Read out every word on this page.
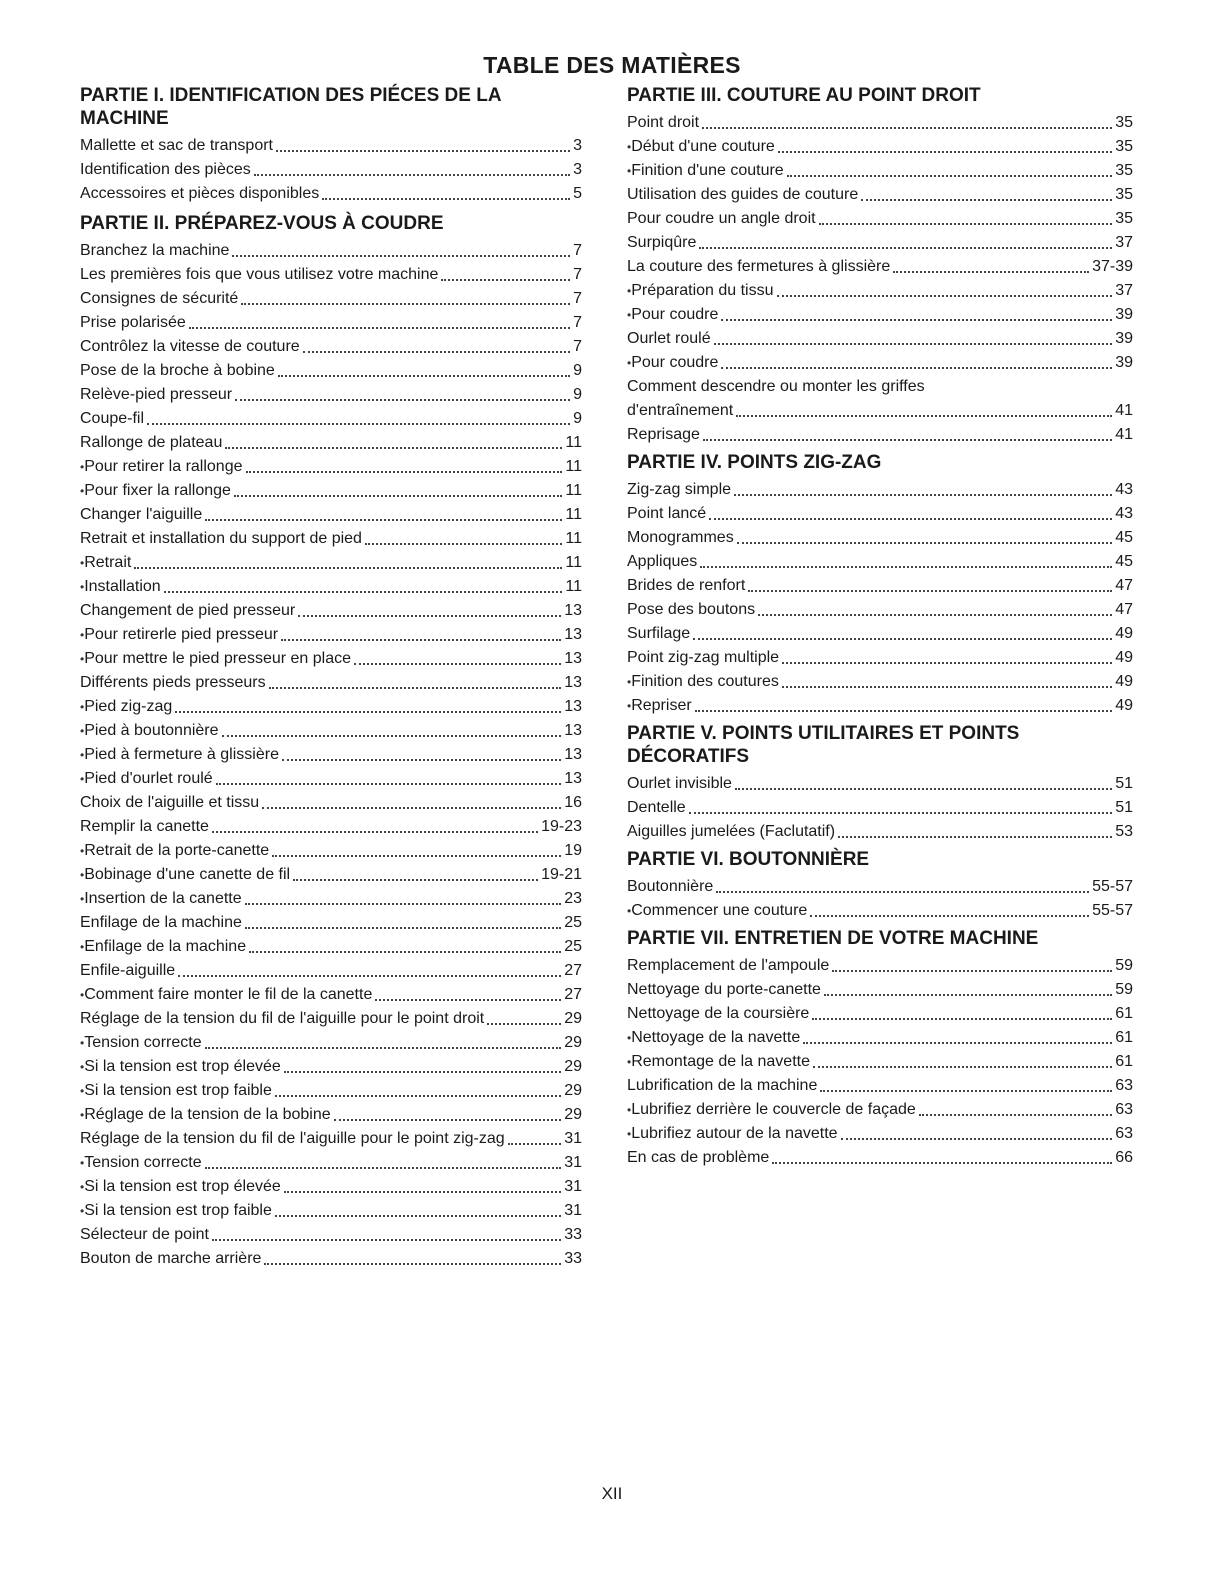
TABLE DES MATIÈRES
PARTIE I. IDENTIFICATION DES PIÉCES DE LA MACHINE
Mallette et sac de transport	3
Identification des pièces	3
Accessoires et pièces disponibles	5
PARTIE II. PRÉPAREZ-VOUS À COUDRE
Branchez la machine	7
Les premières fois que vous utilisez votre machine	7
Consignes de sécurité	7
Prise polarisée	7
Contrôlez la vitesse de couture	7
Pose de la broche à bobine	9
Relève-pied presseur	9
Coupe-fil	9
Rallonge de plateau	11
• Pour retirer la rallonge	11
• Pour fixer la rallonge	11
Changer l'aiguille	11
Retrait et installation du support de pied	11
• Retrait	11
• Installation	11
Changement de pied presseur	13
• Pour retirerle pied presseur	13
• Pour mettre le pied presseur en place	13
Différents pieds presseurs	13
• Pied zig-zag	13
• Pied à boutonnière	13
• Pied à fermeture à glissière	13
• Pied d'ourlet roulé	13
Choix de l'aiguille et tissu	16
Remplir la canette	19-23
• Retrait de la porte-canette	19
• Bobinage d'une canette de fil	19-21
• Insertion de la canette	23
Enfilage de la machine	25
• Enfilage de la machine	25
Enfile-aiguille	27
• Comment faire monter le fil de la canette	27
Réglage de la tension du fil de l'aiguille pour le point droit	29
• Tension correcte	29
• Si la tension est trop élevée	29
• Si la tension est trop faible	29
• Réglage de la tension de la bobine	29
Réglage de la tension du fil de l'aiguille pour le point zig-zag	31
• Tension correcte	31
• Si la tension est trop élevée	31
• Si la tension est trop faible	31
Sélecteur de point	33
Bouton de marche arrière	33
PARTIE III. COUTURE AU POINT DROIT
Point droit	35
• Début d'une couture	35
• Finition d'une couture	35
Utilisation des guides de couture	35
Pour coudre un angle droit	35
Surpiqûre	37
La couture des fermetures à glissière	37-39
• Préparation du tissu	37
• Pour coudre	39
Ourlet roulé	39
• Pour coudre	39
Comment descendre ou monter les griffes
d'entraînement	41
Reprisage	41
PARTIE IV. POINTS ZIG-ZAG
Zig-zag simple	43
Point lancé	43
Monogrammes	45
Appliques	45
Brides de renfort	47
Pose des boutons	47
Surfilage	49
Point zig-zag multiple	49
• Finition des coutures	49
• Repriser	49
PARTIE V. POINTS UTILITAIRES ET POINTS DÉCORATIFS
Ourlet invisible	51
Dentelle	51
Aiguilles jumelées (Faclutatif)	53
PARTIE VI. BOUTONNIÈRE
Boutonnière	55-57
• Commencer une couture	55-57
PARTIE VII. ENTRETIEN DE VOTRE MACHINE
Remplacement de l'ampoule	59
Nettoyage du porte-canette	59
Nettoyage de la coursière	61
• Nettoyage de la navette	61
• Remontage de la navette	61
Lubrification de la machine	63
• Lubrifiez derrière le couvercle de façade	63
• Lubrifiez autour de la navette	63
En cas de problème	66
XII
